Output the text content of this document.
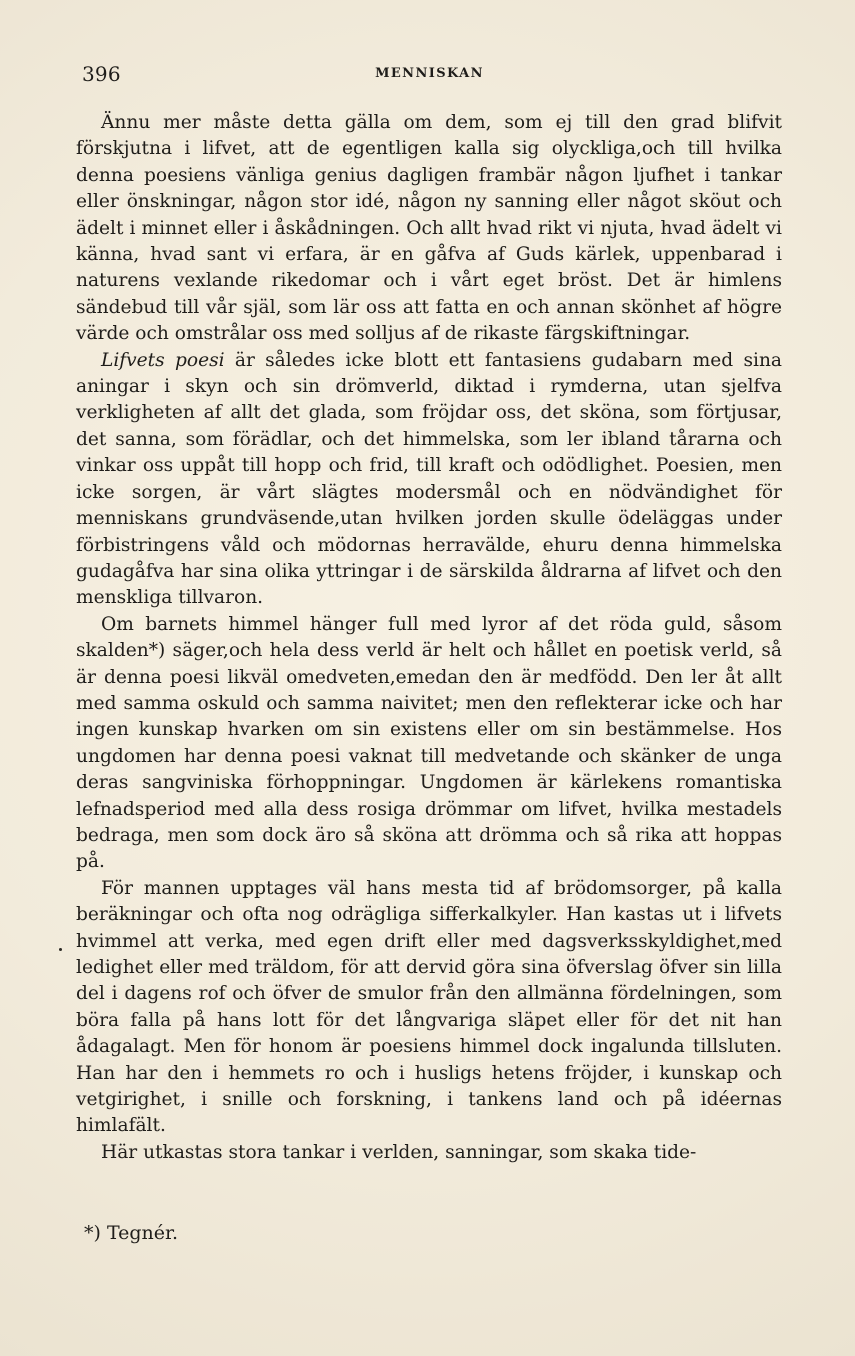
396	MENNISKAN

Ännu mer måste detta gälla om dem, som ej till den grad blifvit förskjutna i lifvet, att de egentligen kalla sig olyckliga,och till hvilka denna poesiens vänliga genius dagligen frambär någon ljufhet i tankar eller önskningar, någon stor idé, någon ny sanning eller något sköut och ädelt i minnet eller i åskådningen. Och allt hvad rikt vi njuta, hvad ädelt vi känna, hvad sant vi erfara, är en gåfva af Guds kärlek, uppenbarad i naturens vexlande rikedomar och i vårt eget bröst. Det är himlens sändebud till vår själ, som lär oss att fatta en och annan skönhet af högre värde och omstrålar oss med solljus af de rikaste färgskiftningar.

Lifvets poesi är således icke blott ett fantasiens gudabarn med sina aningar i skyn och sin drömverld, diktad i rymderna, utan sjelfva verkligheten af allt det glada, som fröjdar oss, det sköna, som förtjusar, det sanna, som förädlar, och det himmelska, som ler ibland tårarna och vinkar oss uppåt till hopp och frid, till kraft och odödlighet. Poesien, men icke sorgen, är vårt slägtes modersmål och en nödvändighet för menniskans grundväsende,utan hvilken jorden skulle ödeläggas under förbistringens våld och mödornas herravälde, ehuru denna himmelska gudagåfva har sina olika yttringar i de särskilda åldrarna af lifvet och den menskliga tillvaron.

Om barnets himmel hänger full med lyror af det röda guld, såsom skalden*) säger,och hela dess verld är helt och hållet en poetisk verld, så är denna poesi likväl omedveten,emedan den är medfödd. Den ler åt allt med samma oskuld och samma naivitet; men den reflekterar icke och har ingen kunskap hvarken om sin existens eller om sin bestämmelse. Hos ungdomen har denna poesi vaknat till medvetande och skänker de unga deras sangviniska förhoppningar. Ungdomen är kärlekens romantiska lefnadsperiod med alla dess rosiga drömmar om lifvet, hvilka mestadels bedraga, men som dock äro så sköna att drömma och så rika att hoppas på.

För mannen upptages väl hans mesta tid af brödomsorger, på kalla beräkningar och ofta nog odrägliga sifferkalkyler. Han kastas ut i lifvets hvimmel att verka, med egen drift eller med dagsverksskyldighet,med ledighet eller med träldom, för att dervid göra sina öfverslag öfver sin lilla del i dagens rof och öfver de smulor från den allmänna fördelningen, som böra falla på hans lott för det långvariga släpet eller för det nit han ådagalagt. Men för honom är poesiens himmel dock ingalunda tillsluten. Han har den i hemmets ro och i husligs hetens fröjder, i kunskap och vetgirighet, i snille och forskning, i tankens land och på idéernas himlafält.

Här utkastas stora tankar i verlden, sanningar, som skaka tide-

*) Tegnér.
